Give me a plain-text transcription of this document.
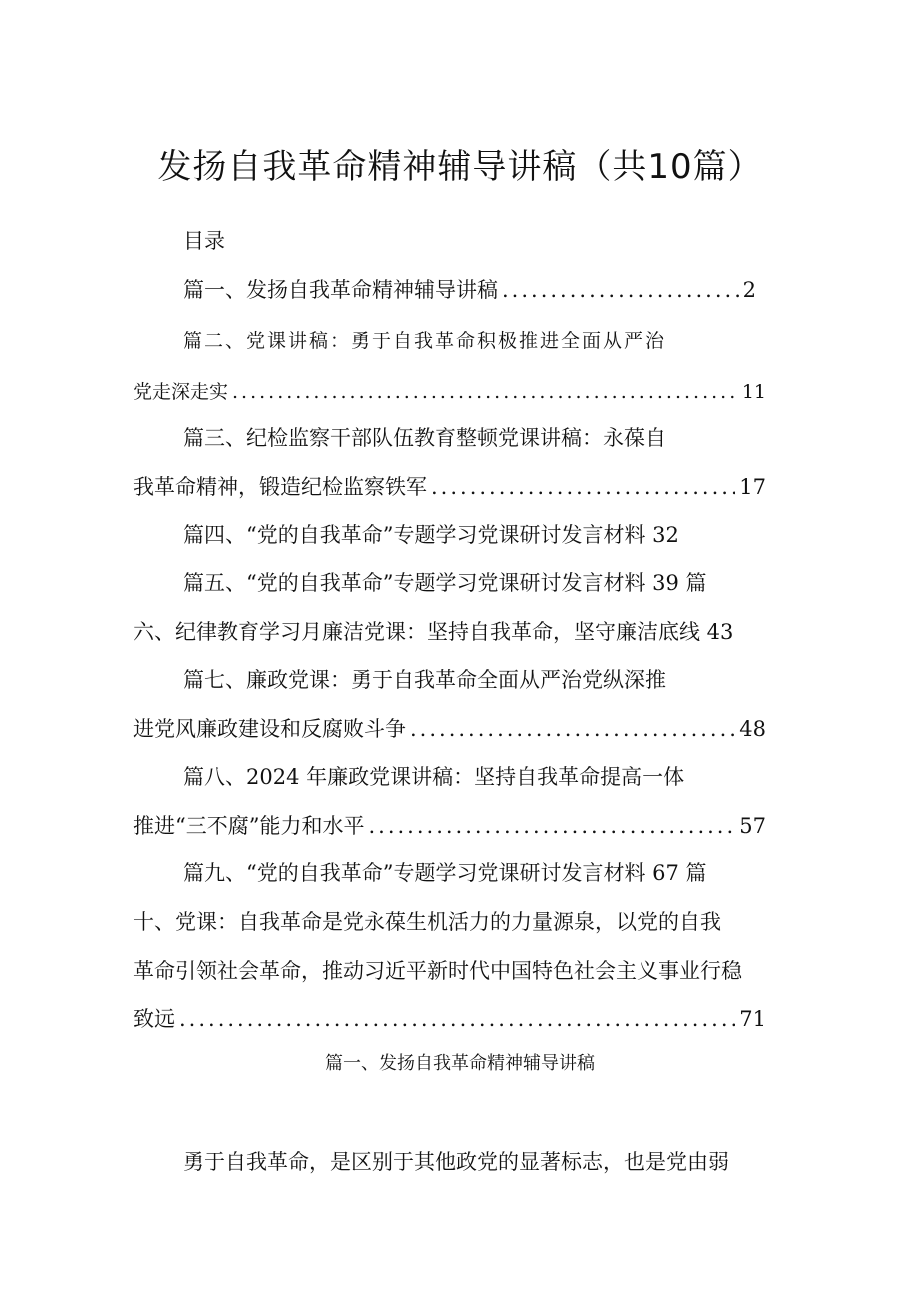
发扬自我革命精神辅导讲稿（共10篇）
目录
篇一、发扬自我革命精神辅导讲稿 .....	2
篇二、党课讲稿：勇于自我革命积极推进全面从严治
党走深走实 .....	11
篇三、纪检监察干部队伍教育整顿党课讲稿：永葆自
我革命精神，锻造纪检监察铁军 .....	17
篇四、“党的自我革命”专题学习党课研讨发言材料 32
篇五、“党的自我革命”专题学习党课研讨发言材料 39 篇
六、纪律教育学习月廉洁党课：坚持自我革命，坚守廉洁底线 43
篇七、廉政党课：勇于自我革命全面从严治党纵深推
进党风廉政建设和反腐败斗争 .....	48
篇八、2024 年廉政党课讲稿：坚持自我革命提高一体
推进“三不腐”能力和水平 .....	57
篇九、“党的自我革命”专题学习党课研讨发言材料 67 篇
十、党课：自我革命是党永葆生机活力的力量源泉，以党的自我
革命引领社会革命，推动习近平新时代中国特色社会主义事业行稳
致远 .....	71
篇一、发扬自我革命精神辅导讲稿
勇于自我革命，是区别于其他政党的显著标志，也是党由弱
